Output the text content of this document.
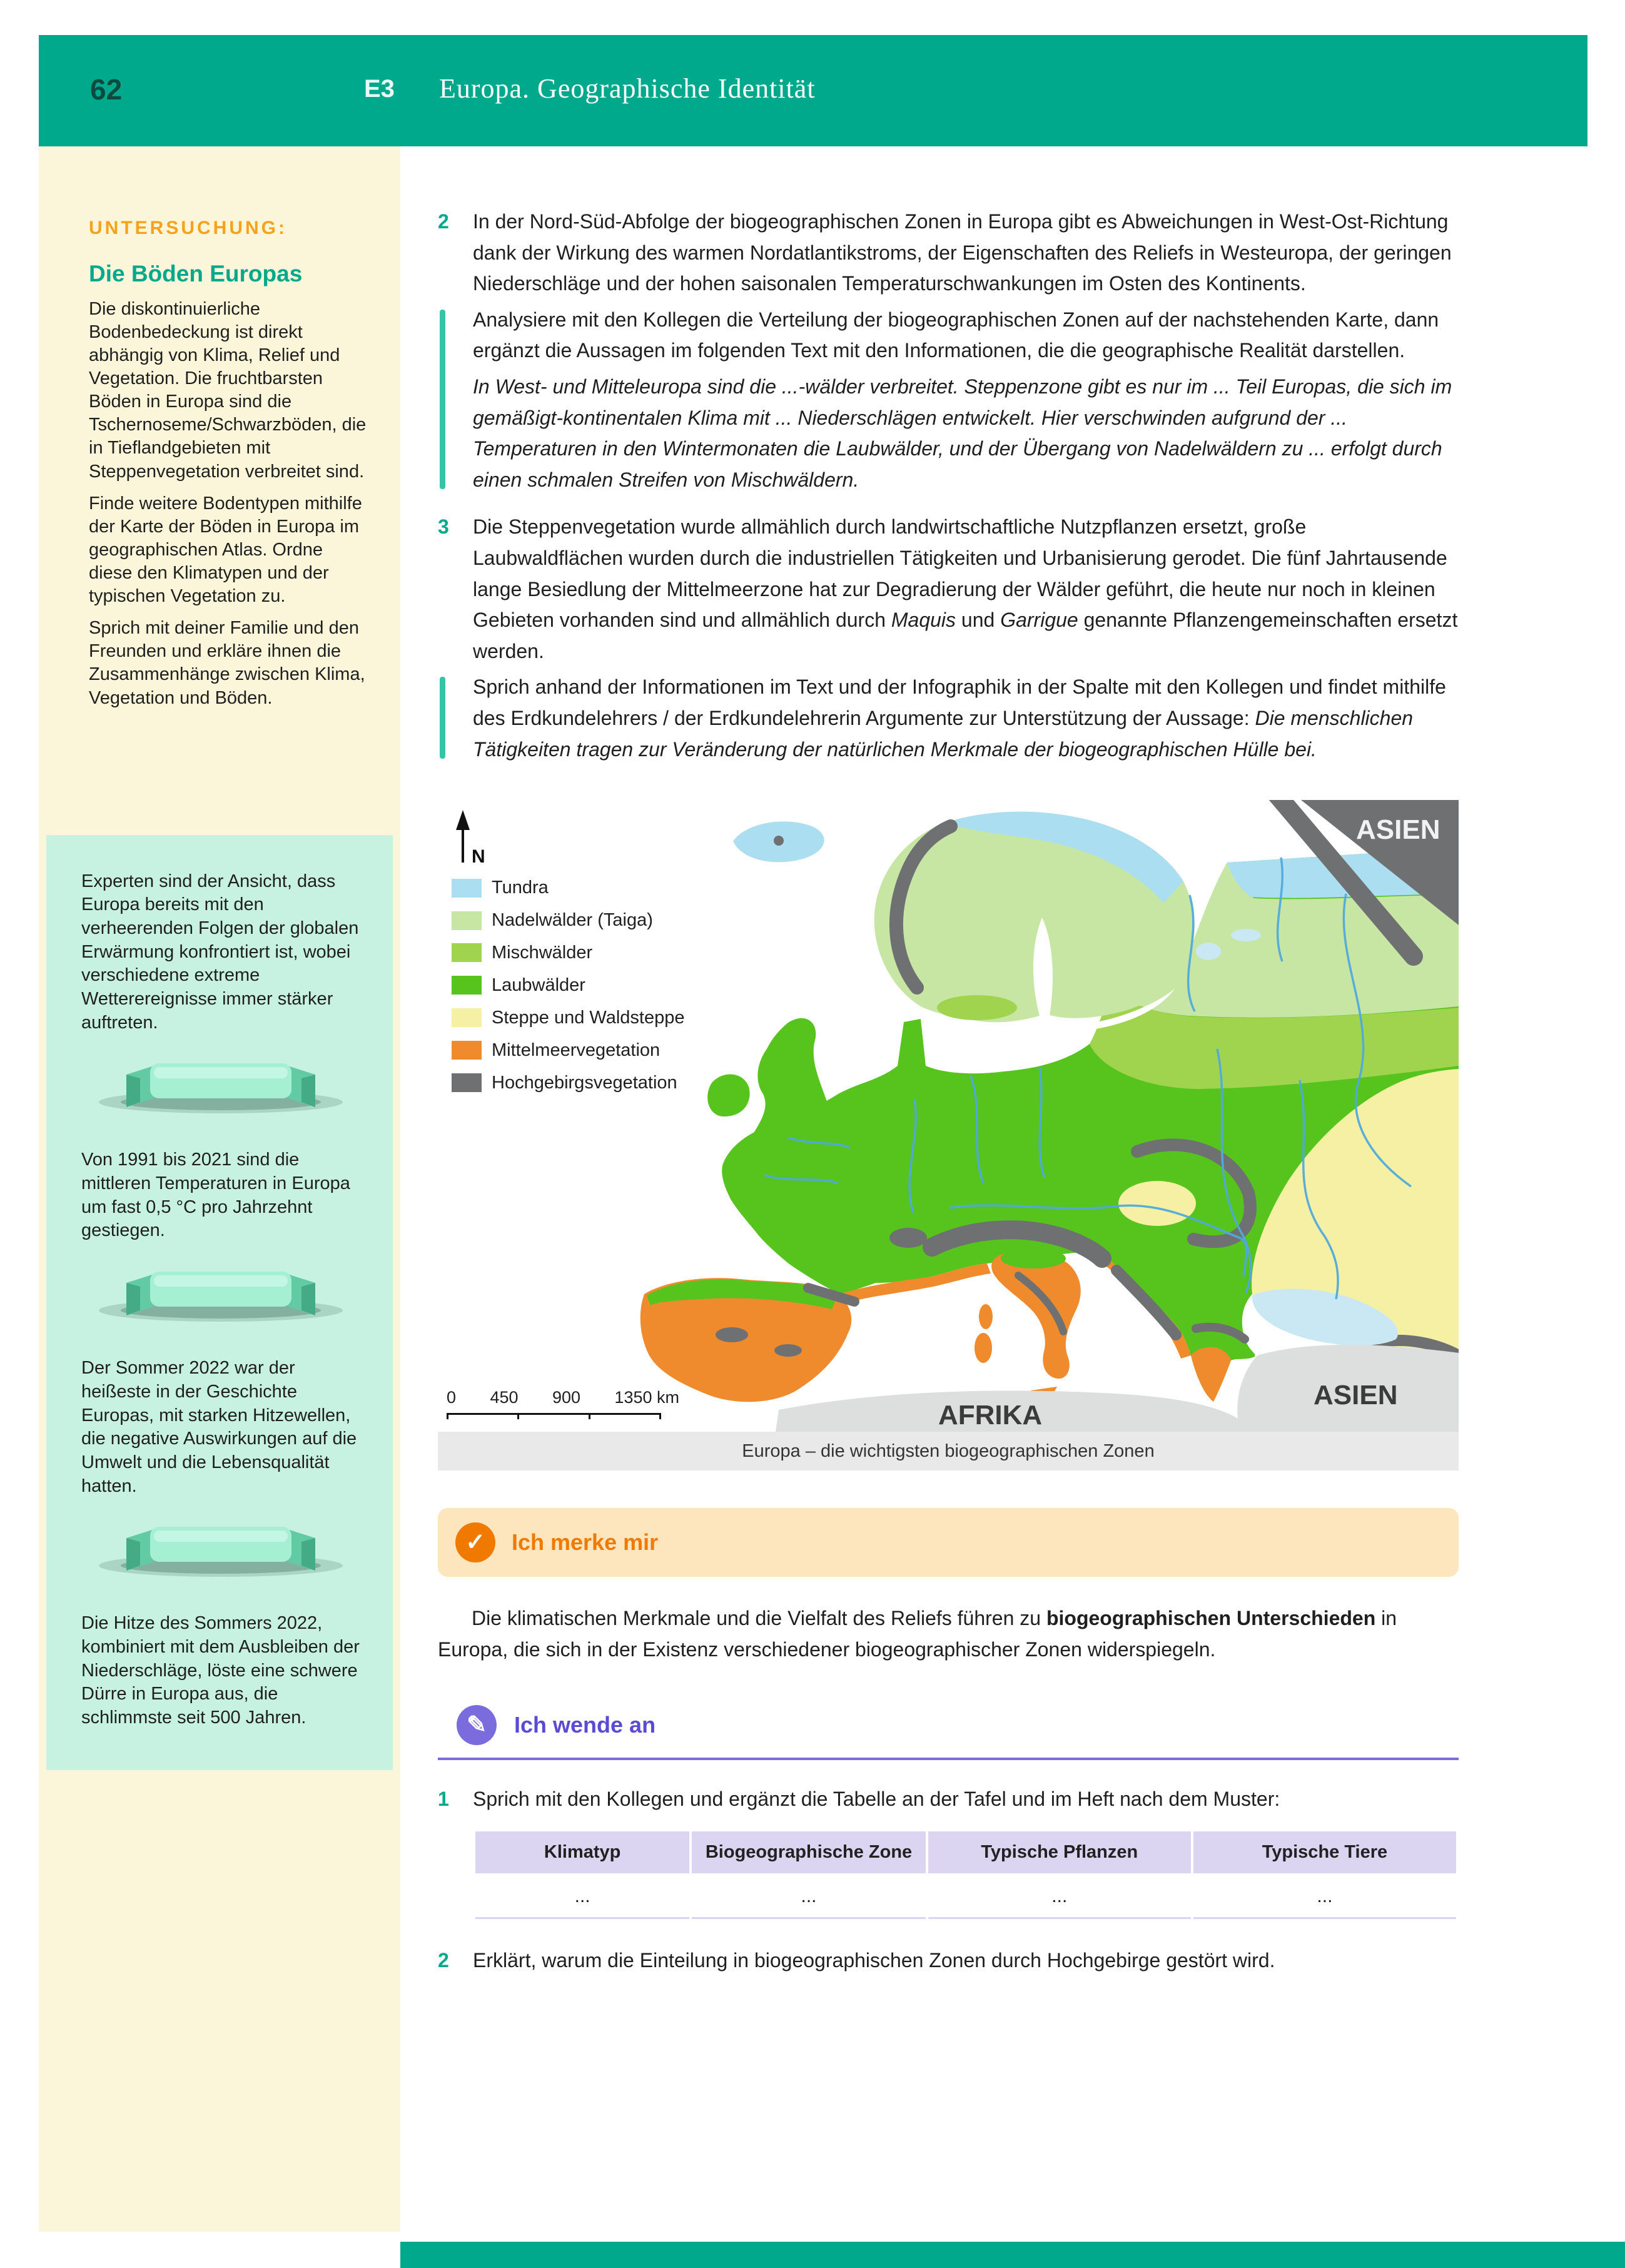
62	E3 Europa. Geographische Identität
UNTERSUCHUNG:
Die Böden Europas

Die diskontinuierliche Bodenbedeckung ist direkt abhängig von Klima, Relief und Vegetation. Die fruchtbarsten Böden in Europa sind die Tschernoseme/Schwarzböden, die in Tieflandgebieten mit Steppenvegetation verbreitet sind.

Finde weitere Bodentypen mithilfe der Karte der Böden in Europa im geographischen Atlas. Ordne diese den Klimatypen und der typischen Vegetation zu.

Sprich mit deiner Familie und den Freunden und erkläre ihnen die Zusammenhänge zwischen Klima, Vegetation und Böden.

Experten sind der Ansicht, dass Europa bereits mit den verheerenden Folgen der globalen Erwärmung konfrontiert ist, wobei verschiedene extreme Wetterereignisse immer stärker auftreten.

Von 1991 bis 2021 sind die mittleren Temperaturen in Europa um fast 0,5 °C pro Jahrzehnt gestiegen.

Der Sommer 2022 war der heißeste in der Geschichte Europas, mit starken Hitzewellen, die negative Auswirkungen auf die Umwelt und die Lebensqualität hatten.

Die Hitze des Sommers 2022, kombiniert mit dem Ausbleiben der Niederschläge, löste eine schwere Dürre in Europa aus, die schlimmste seit 500 Jahren.

2 In der Nord-Süd-Abfolge der biogeographischen Zonen in Europa gibt es Abweichungen in West-Ost-Richtung dank der Wirkung des warmen Nordatlantikstroms, der Eigenschaften des Reliefs in Westeuropa, der geringen Niederschläge und der hohen saisonalen Temperaturschwankungen im Osten des Kontinents.

Analysiere mit den Kollegen die Verteilung der biogeographischen Zonen auf der nachstehenden Karte, dann ergänzt die Aussagen im folgenden Text mit den Informationen, die die geographische Realität darstellen.

In West- und Mitteleuropa sind die ...-wälder verbreitet. Steppenzone gibt es nur im ... Teil Europas, die sich im gemäßigt-kontinentalen Klima mit ... Niederschlägen entwickelt. Hier verschwinden aufgrund der ... Temperaturen in den Wintermonaten die Laubwälder, und der Übergang von Nadelwäldern zu ... erfolgt durch einen schmalen Streifen von Mischwäldern.

3 Die Steppenvegetation wurde allmählich durch landwirtschaftliche Nutzpflanzen ersetzt, große Laubwaldflächen wurden durch die industriellen Tätigkeiten und Urbanisierung gerodet. Die fünf Jahrtausende lange Besiedlung der Mittelmeerzone hat zur Degradierung der Wälder geführt, die heute nur noch in kleinen Gebieten vorhanden sind und allmählich durch Maquis und Garrigue genannte Pflanzengemeinschaften ersetzt werden.

Sprich anhand der Informationen im Text und der Infographik in der Spalte mit den Kollegen und findet mithilfe des Erdkundelehrers / der Erdkundelehrerin Argumente zur Unterstützung der Aussage: Die menschlichen Tätigkeiten tragen zur Veränderung der natürlichen Merkmale der biogeographischen Hülle bei.

N
ASIEN
ASIEN
AFRIKA
Tundra
Nadelwälder (Taiga)
Mischwälder
Laubwälder
Steppe und Waldsteppe
Mittelmeervegetation
Hochgebirgsvegetation
0 450 900 1350 km
Europa – die wichtigsten biogeographischen Zonen
✓	Ich merke mir

Die klimatischen Merkmale und die Vielfalt des Reliefs führen zu biogeographischen Unterschieden in Europa, die sich in der Existenz verschiedener biogeographischer Zonen widerspiegeln.

✎	Ich wende an
1 Sprich mit den Kollegen und ergänzt die Tabelle an der Tafel und im Heft nach dem Muster:

Klimatyp	Biogeographische Zone	Typische Pflanzen	Typische Tiere
...	...	...	...
2 Erklärt, warum die Einteilung in biogeographischen Zonen durch Hochgebirge gestört wird.
